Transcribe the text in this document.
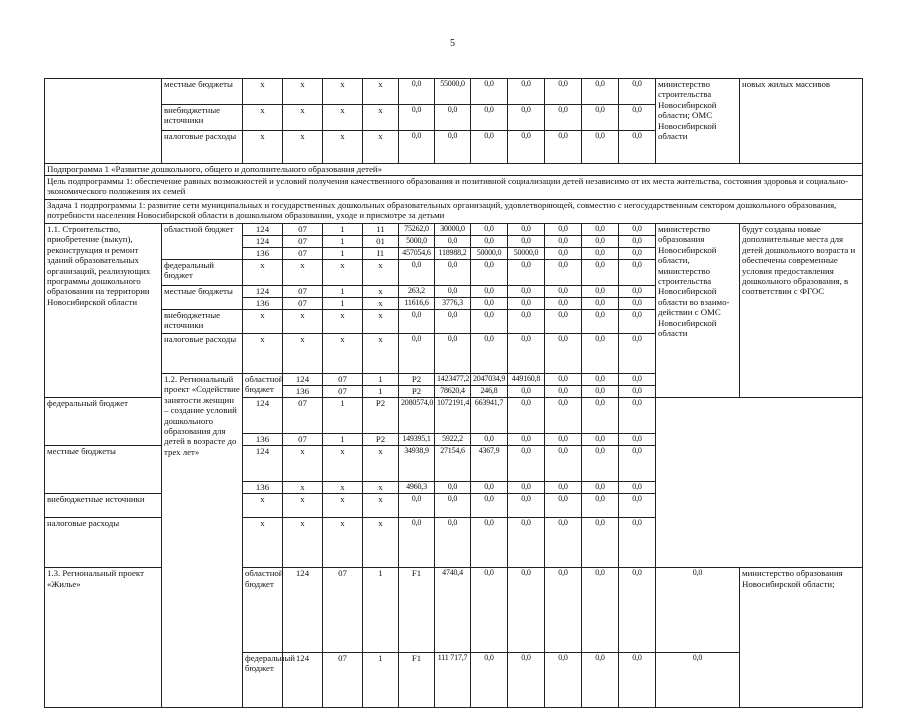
5
	местные бюджеты	x	x	x	x	0,0	55000,0	0,0	0,0	0,0	0,0	0,0	министерство строительства Новосибирской области; ОМС Новосибирской области	новых жилых массивов	
	внебюджетные источники	x	x	x	x	0,0	0,0	0,0	0,0	0,0	0,0	0,0			
	налоговые расходы	x	x	x	x	0,0	0,0	0,0	0,0	0,0	0,0	0,0			
Подпрограмма 1 «Развитие дошкольного, общего и дополнительного образования детей»															
Цель подпрограммы 1: обеспечение равных возможностей и условий получения качественного образования и позитивной социализации детей независимо от их места жительства, состояния здоровья и социально-экономического положения их семей															
Задача 1 подпрограммы 1: развитие сети муниципальных и государственных дошкольных образовательных организаций, удовлетворяющей, совместно с негосударственным сектором дошкольного образования, потребности населения Новосибирской области в дошкольном образовании, уходе и присмотре за детьми															
1.1. Строительство, приобретение (выкуп), реконструкция и ремонт зданий образовательных организаций, реализующих программы дошкольного образования на территории Новосибирской области	областной бюджет	124	07	1	11	75262,0	30000,0	0,0	0,0	0,0	0,0	0,0	министерство образования Новосибирской области, министерство строительства Новосибирской области во взаимо-действии с ОМС Новосибирской области	будут созданы новые дополнительные места для детей дошкольного возраста и обеспечены современные условия предоставления дошкольного образования, в соответствии с ФГОС	
		124	07	1	01	5000,0	0,0	0,0	0,0	0,0	0,0	0,0			
		136	07	1	I1	457054,6	118988,2	50000,0	50000,0	0,0	0,0	0,0			
	федеральный бюджет	x	x	x	x	0,0	0,0	0,0	0,0	0,0	0,0	0,0			
	местные бюджеты	124	07	1	x	263,2	0,0	0,0	0,0	0,0	0,0	0,0			
		136	07	1	x	11616,6	3776,3	0,0	0,0	0,0	0,0	0,0			
	внебюджетные источники	x	x	x	x	0,0	0,0	0,0	0,0	0,0	0,0	0,0			
	налоговые расходы	x	x	x	x	0,0	0,0	0,0	0,0	0,0	0,0	0,0			
	1.2. Региональный проект «Содействие занятости женщин – создание условий дошкольного образования для детей в возрасте до трех лет»	областной бюджет	124	07	1	P2	1423477,2	2047034,9	449160,8	0,0	0,0	0,0			
			136	07	1	P2	78620,4	246,8	0,0	0,0	0,0	0,0	
федеральный бюджет		124	07	1	P2	2080574,0	1072191,4	663941,7	0,0	0,0	0,0	0,0			
		136	07	1	P2	149395,1	5922,2	0,0	0,0	0,0	0,0	0,0			
местные бюджеты		124	x	x	x	34938,9	27154,6	4367,9	0,0	0,0	0,0	0,0			
		136	x	x	x	4960,3	0,0	0,0	0,0	0,0	0,0	0,0			
внебюджетные источники		x	x	x	x	0,0	0,0	0,0	0,0	0,0	0,0	0,0			
налоговые расходы		x	x	x	x	0,0	0,0	0,0	0,0	0,0	0,0	0,0			
1.3. Региональный проект «Жилье»		областной бюджет	124	07	1	F1	4740,4	0,0	0,0	0,0	0,0	0,0	0,0	министерство образования Новосибирской области;	
		федеральный бюджет	124	07	1	F1	111 717,7	0,0	0,0	0,0	0,0	0,0	0,0		
